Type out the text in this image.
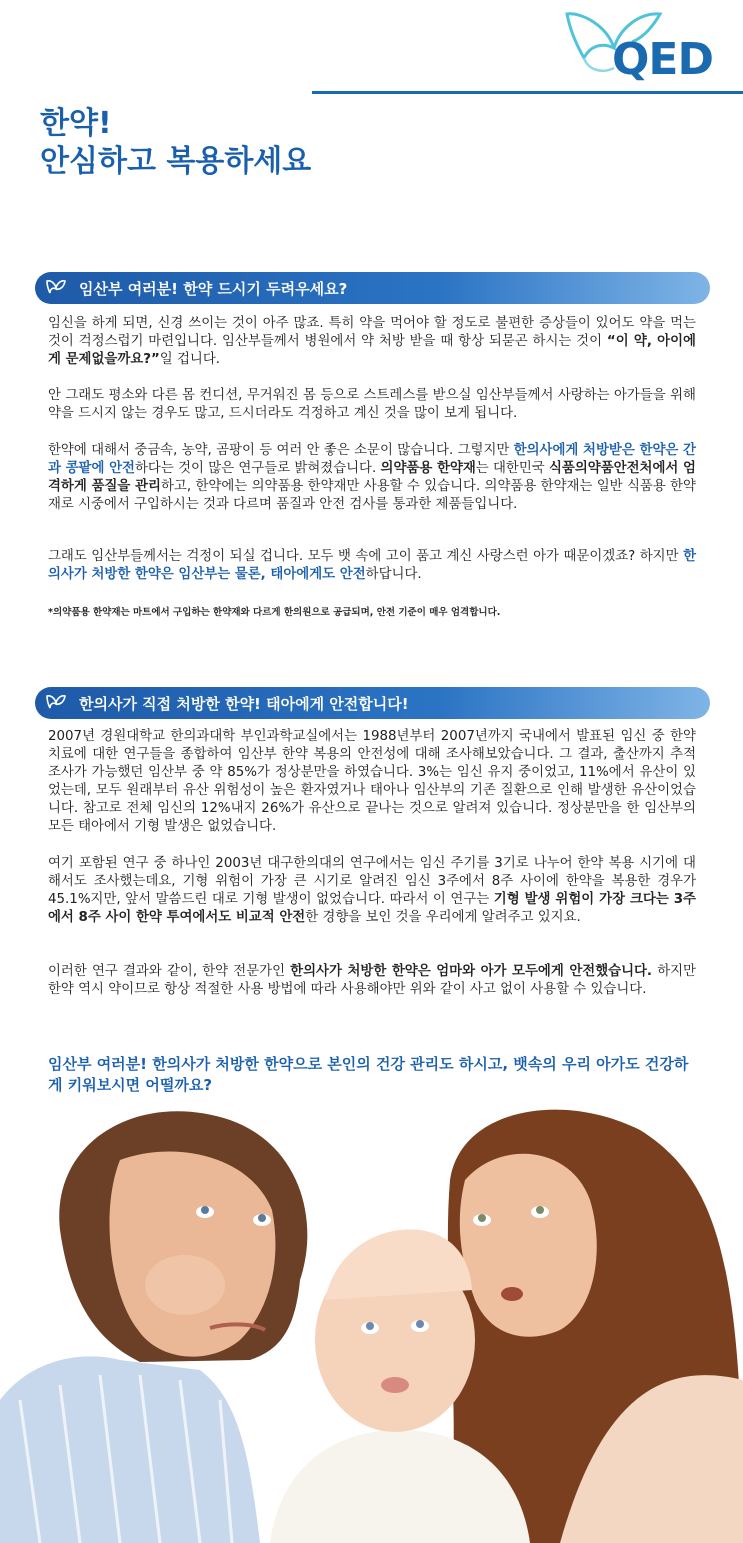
QED
한약!
안심하고 복용하세요
임산부 여러분! 한약 드시기 두려우세요?
임신을 하게 되면, 신경 쓰이는 것이 아주 많죠. 특히 약을 먹어야 할 정도로 불편한 증상들이 있어도 약을 먹는 것이 걱정스럽기 마련입니다. 임산부들께서 병원에서 약 처방 받을 때 항상 되묻곤 하시는 것이 “이 약, 아이에게 문제없을까요?”일 겁니다.
안 그래도 평소와 다른 몸 컨디션, 무거워진 몸 등으로 스트레스를 받으실 임산부들께서 사랑하는 아가들을 위해 약을 드시지 않는 경우도 많고, 드시더라도 걱정하고 계신 것을 많이 보게 됩니다.
한약에 대해서 중금속, 농약, 곰팡이 등 여러 안 좋은 소문이 많습니다. 그렇지만 한의사에게 처방받은 한약은 간과 콩팥에 안전하다는 것이 많은 연구들로 밝혀졌습니다. 의약품용 한약재는 대한민국 식품의약품안전처에서 엄격하게 품질을 관리하고, 한약에는 의약품용 한약재만 사용할 수 있습니다. 의약품용 한약재는 일반 식품용 한약재로 시중에서 구입하시는 것과 다르며 품질과 안전 검사를 통과한 제품들입니다.
그래도 임산부들께서는 걱정이 되실 겁니다. 모두 뱃 속에 고이 품고 계신 사랑스런 아가 때문이겠죠? 하지만 한의사가 처방한 한약은 임산부는 물론, 태아에게도 안전하답니다.
*의약품용 한약재는 마트에서 구입하는 한약재와 다르게 한의원으로 공급되며, 안전 기준이 매우 엄격합니다.
한의사가 직접 처방한 한약! 태아에게 안전합니다!
2007년 경원대학교 한의과대학 부인과학교실에서는 1988년부터 2007년까지 국내에서 발표된 임신 중 한약 치료에 대한 연구들을 종합하여 임산부 한약 복용의 안전성에 대해 조사해보았습니다. 그 결과, 출산까지 추적 조사가 가능했던 임산부 중 약 85%가 정상분만을 하였습니다. 3%는 임신 유지 중이었고, 11%에서 유산이 있었는데, 모두 원래부터 유산 위험성이 높은 환자였거나 태아나 임산부의 기존 질환으로 인해 발생한 유산이었습니다. 참고로 전체 임신의 12%내지 26%가 유산으로 끝나는 것으로 알려져 있습니다. 정상분만을 한 임산부의 모든 태아에서 기형 발생은 없었습니다.
여기 포함된 연구 중 하나인 2003년 대구한의대의 연구에서는 임신 주기를 3기로 나누어 한약 복용 시기에 대해서도 조사했는데요, 기형 위험이 가장 큰 시기로 알려진 임신 3주에서 8주 사이에 한약을 복용한 경우가 45.1%지만, 앞서 말씀드린 대로 기형 발생이 없었습니다. 따라서 이 연구는 기형 발생 위험이 가장 크다는 3주에서 8주 사이 한약 투여에서도 비교적 안전한 경향을 보인 것을 우리에게 알려주고 있지요.
이러한 연구 결과와 같이, 한약 전문가인 한의사가 처방한 한약은 엄마와 아가 모두에게 안전했습니다. 하지만 한약 역시 약이므로 항상 적절한 사용 방법에 따라 사용해야만 위와 같이 사고 없이 사용할 수 있습니다.
임산부 여러분! 한의사가 처방한 한약으로 본인의 건강 관리도 하시고, 뱃속의 우리 아가도 건강하게 키워보시면 어떨까요?
